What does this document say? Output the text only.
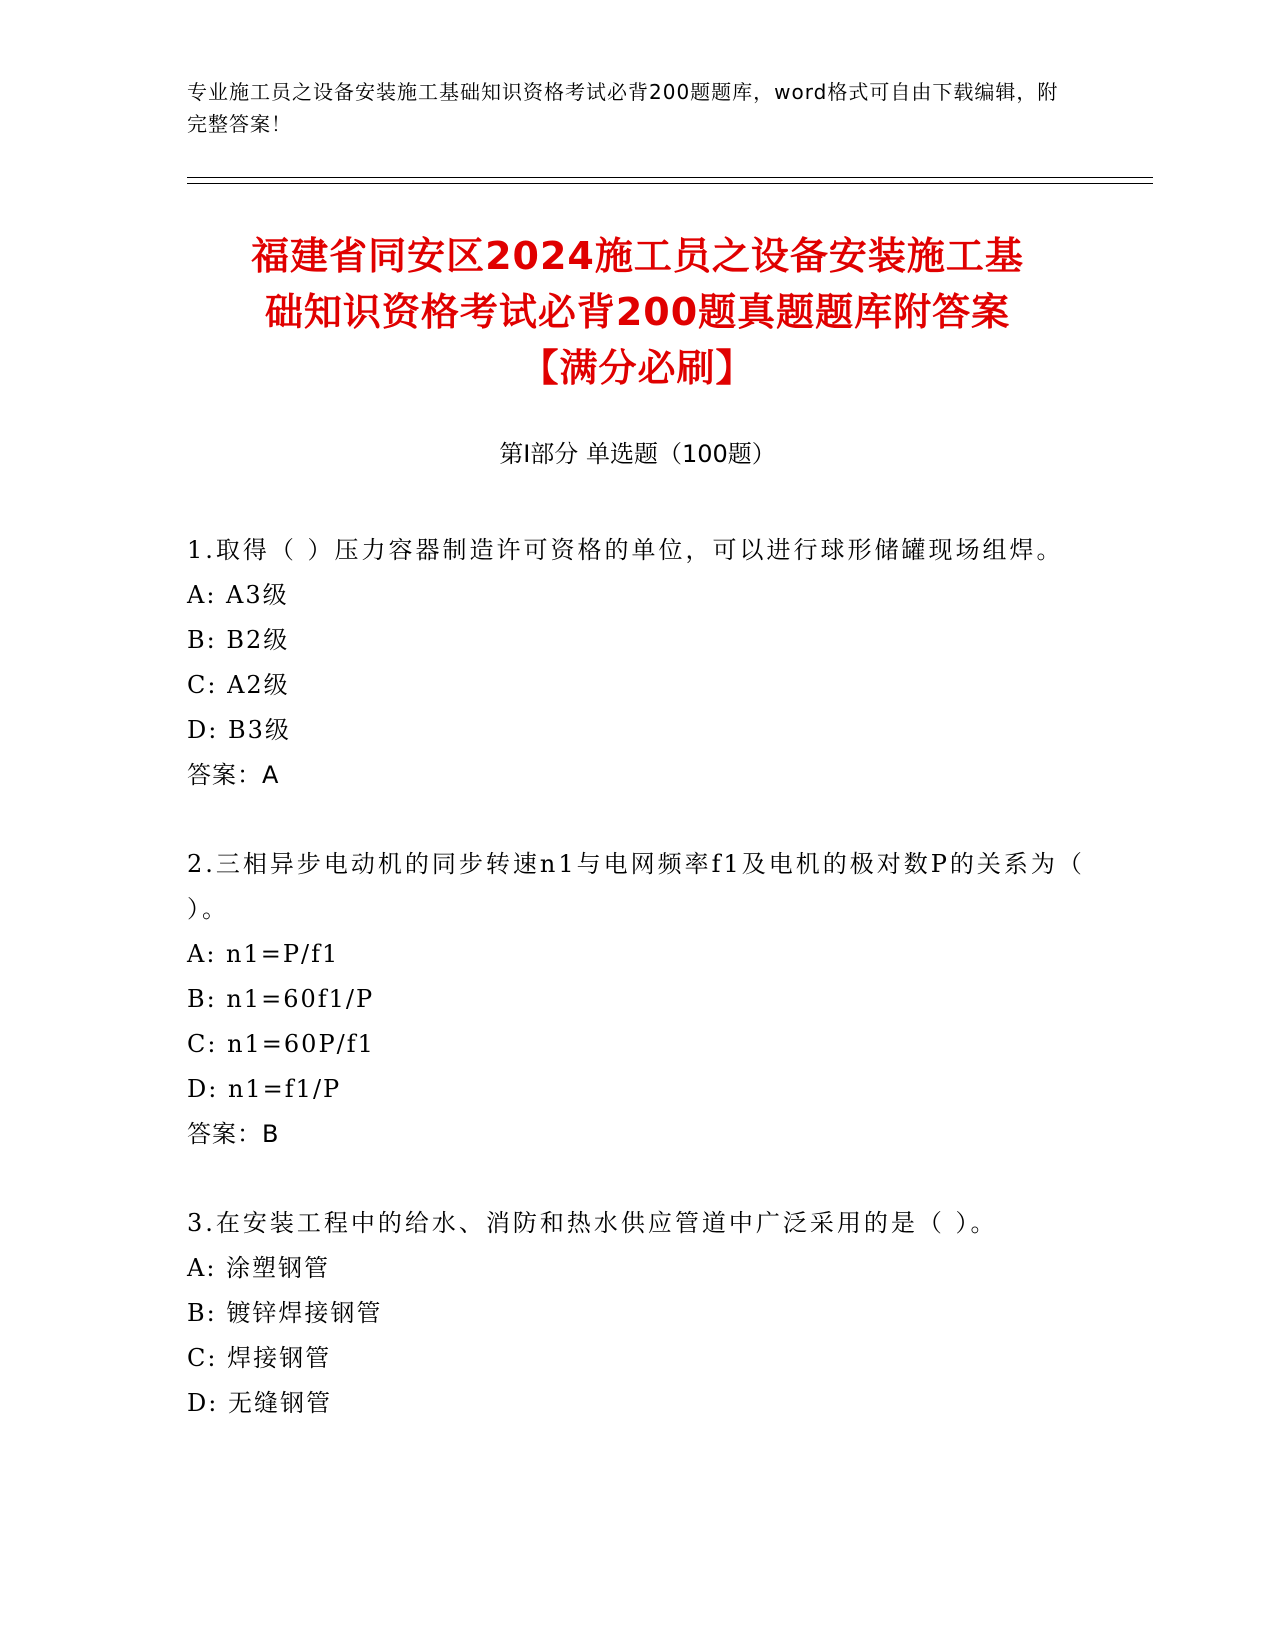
专业施工员之设备安装施工基础知识资格考试必背200题题库，word格式可自由下载编辑，附完整答案！
福建省同安区2024施工员之设备安装施工基
础知识资格考试必背200题真题题库附答案
【满分必刷】
第I部分 单选题（100题）
1.取得（ ）压力容器制造许可资格的单位，可以进行球形储罐现场组焊。
A: A3级
B: B2级
C: A2级
D: B3级
答案：A
2.三相异步电动机的同步转速n1与电网频率f1及电机的极对数P的关系为（ ）。
A: n1=P/f1
B: n1=60f1/P
C: n1=60P/f1
D: n1=f1/P
答案：B
3.在安装工程中的给水、消防和热水供应管道中广泛采用的是（ ）。
A: 涂塑钢管
B: 镀锌焊接钢管
C: 焊接钢管
D: 无缝钢管
